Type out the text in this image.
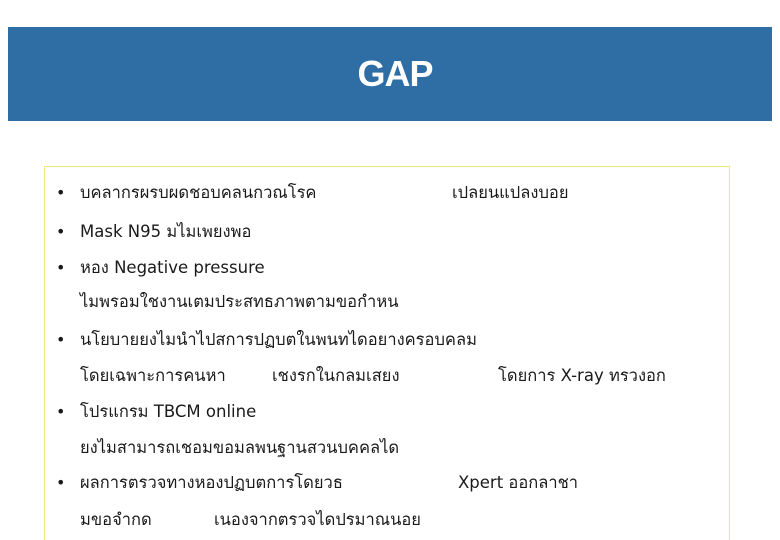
GAP
• บคลากรผรบผดชอบคลนกวณโรค	เปลยนแปลงบอย
• Mask N95 มไมเพยงพอ
• หอง Negative pressure
ไมพรอมใชงานเตมประสทธภาพตามขอกำหน
• นโยบายยงไมนำไปสการปฏบตในพนทไดอยางครอบคลม
โดยเฉพาะการคนหา	เชงรกในกลมเสยง	โดยการ X-ray ทรวงอก
• โปรแกรม TBCM online
ยงไมสามารถเชอมขอมลพนฐานสวนบคคลได
• ผลการตรวจทางหองปฏบตการโดยวธ	Xpert ออกลาชา
มขอจำกด	เนองจากตรวจไดปรมาณนอย
